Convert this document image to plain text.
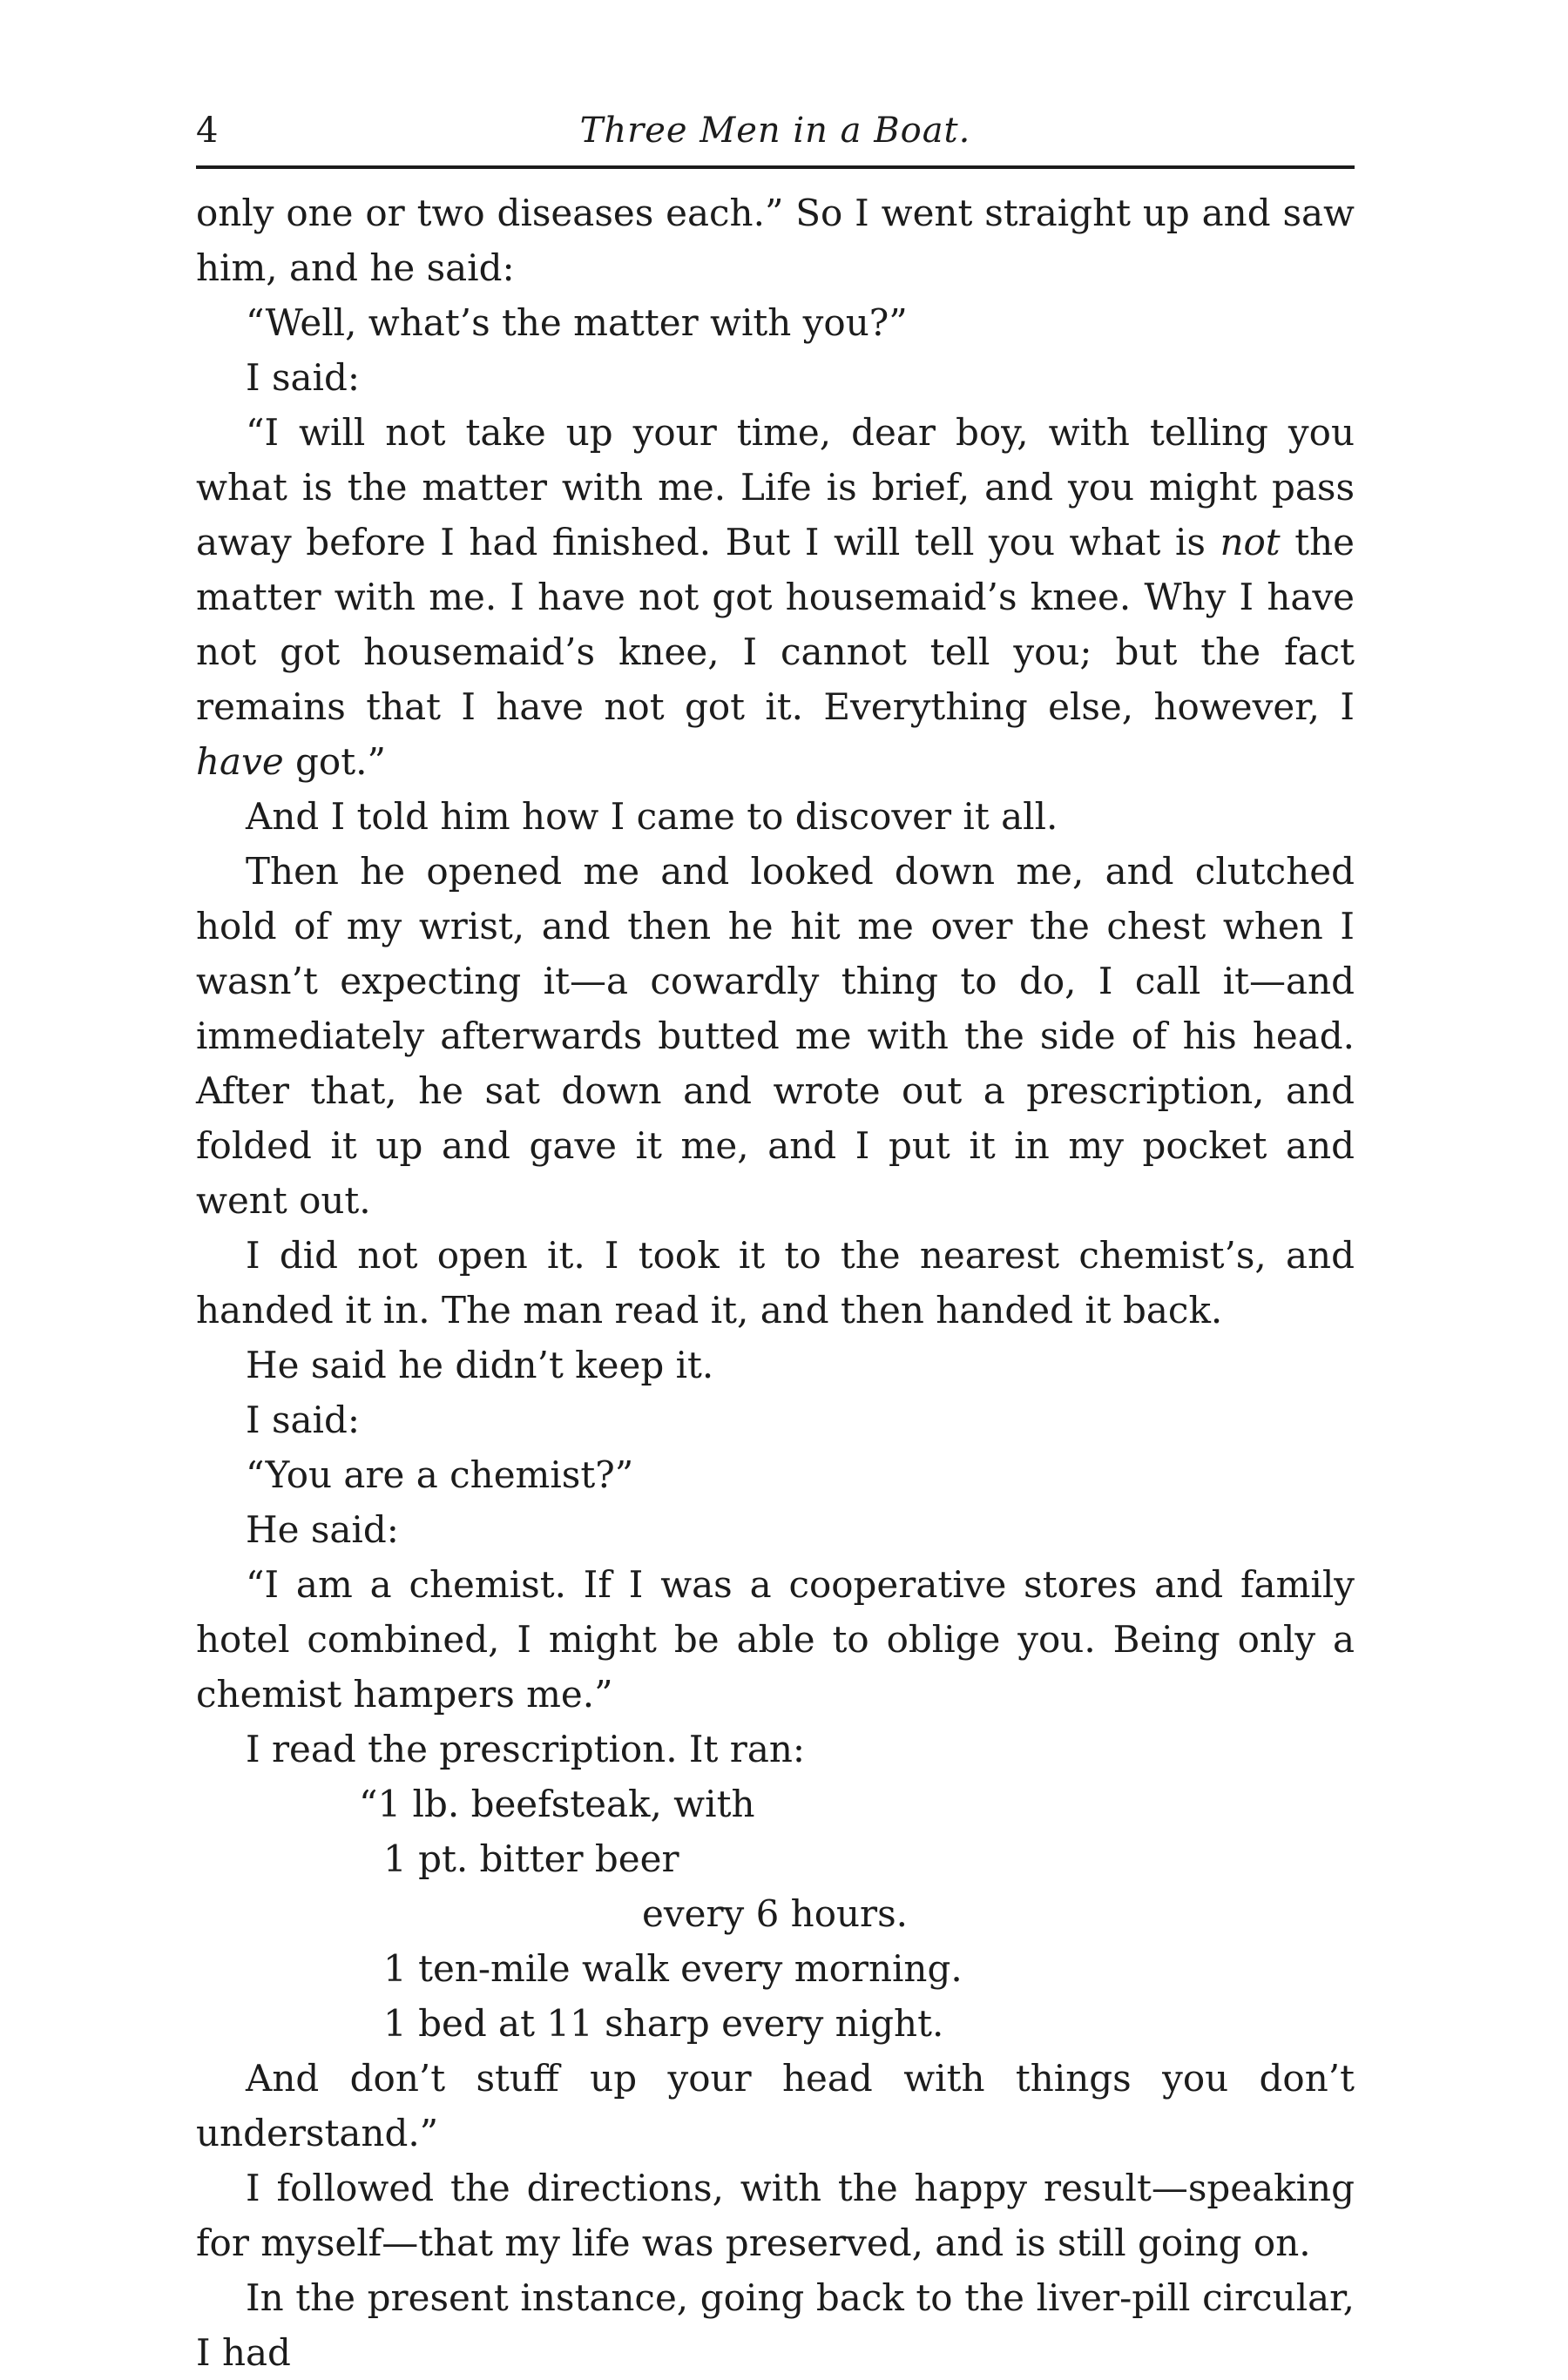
4	Three Men in a Boat.

only one or two diseases each.” So I went straight up and saw him, and he said:

“Well, what’s the matter with you?”

I said:

“I will not take up your time, dear boy, with telling you what is the matter with me. Life is brief, and you might pass away before I had finished. But I will tell you what is not the matter with me. I have not got housemaid’s knee. Why I have not got housemaid’s knee, I cannot tell you; but the fact remains that I have not got it. Everything else, however, I have got.”

And I told him how I came to discover it all.

Then he opened me and looked down me, and clutched hold of my wrist, and then he hit me over the chest when I wasn’t expecting it—a cowardly thing to do, I call it—and immediately afterwards butted me with the side of his head. After that, he sat down and wrote out a prescription, and folded it up and gave it me, and I put it in my pocket and went out.

I did not open it. I took it to the nearest chemist’s, and handed it in. The man read it, and then handed it back.

He said he didn’t keep it.

I said:

“You are a chemist?”

He said:

“I am a chemist. If I was a cooperative stores and family hotel combined, I might be able to oblige you. Being only a chemist hampers me.”

I read the prescription. It ran:

“1 lb. beefsteak, with
1 pt. bitter beer
every 6 hours.
1 ten-mile walk every morning.
1 bed at 11 sharp every night.

And don’t stuff up your head with things you don’t understand.”

I followed the directions, with the happy result—speaking for myself—that my life was preserved, and is still going on.

In the present instance, going back to the liver-pill circular, I had
